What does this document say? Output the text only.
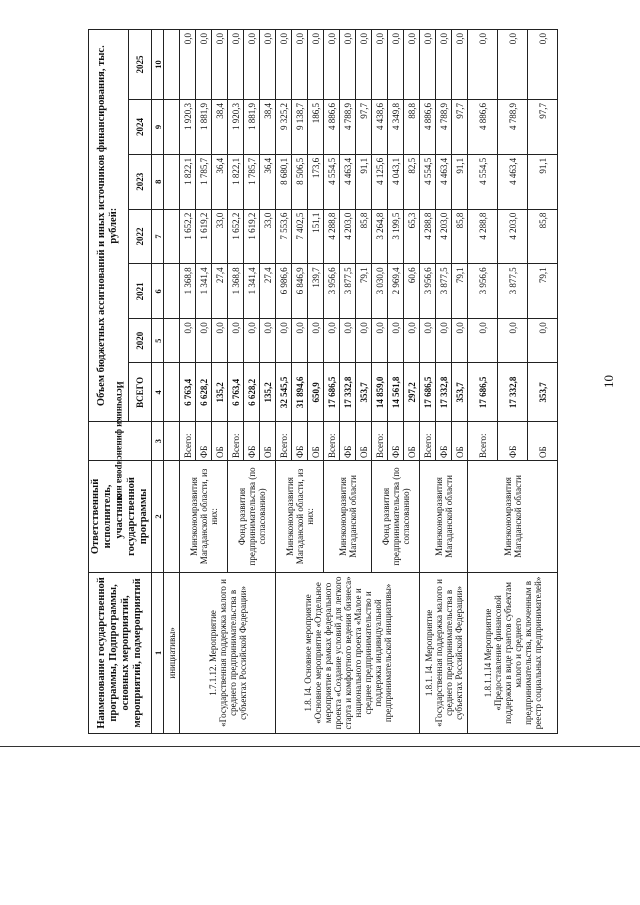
Наименование государственной программы, Подпрограммы, основных мероприятий, мероприятий, подмероприятий	Ответственный исполнитель, участник государственной программы	Источники финансирова ния	Объем бюджетных ассигнований и иных источников финансирования, тыс. рублей:						
			ВСЕГО	2020	2021	2022	2023	2024	2025
1	2	3	4	5	6	7	8	9	10
инициативы»									
1.7.1.12. Мероприятие «Государственная поддержка малого и среднего предпринимательства в субъектах Российской Федерации»	Минэкономразвития Магаданской области, из них:	Всего:	6 763,4	0,0	1 368,8	1 652,2	1 822,1	1 920,3	0,0
		ФБ	6 628,2	0,0	1 341,4	1 619,2	1 785,7	1 881,9	0,0
		ОБ	135,2	0,0	27,4	33,0	36,4	38,4	0,0
	Фонд развития предпринимательства (по согласованию)	Всего:	6 763,4	0,0	1 368,8	1 652,2	1 822,1	1 920,3	0,0
		ФБ	6 628,2	0,0	1 341,4	1 619,2	1 785,7	1 881,9	0,0
		ОБ	135,2	0,0	27,4	33,0	36,4	38,4	0,0
1.8. I4. Основное мероприятие «Основное мероприятие «Отдельное мероприятие в рамках федерального проекта «Создание условий для легкого старта и комфортного ведения бизнеса» национального проекта «Малое и среднее предпринимательство и поддержка индивидуальной предпринимательской инициативы»	Минэкономразвития Магаданской области, из них:	Всего:	32 545,5	0,0	6 986,6	7 553,6	8 680,1	9 325,2	0,0
		ФБ	31 894,6	0,0	6 846,9	7 402,5	8 506,5	9 138,7	0,0
		ОБ	650,9	0,0	139,7	151,1	173,6	186,5	0,0
	Минэкономразвития Магаданской области	Всего:	17 686,5	0,0	3 956,6	4 288,8	4 554,5	4 886,6	0,0
		ФБ	17 332,8	0,0	3 877,5	4 203,0	4 463,4	4 788,9	0,0
		ОБ	353,7	0,0	79,1	85,8	91,1	97,7	0,0
	Фонд развития предпринимательства (по согласованию)	Всего:	14 859,0	0,0	3 030,0	3 264,8	4 125,6	4 438,6	0,0
		ФБ	14 561,8	0,0	2 969,4	3 199,5	4 043,1	4 349,8	0,0
		ОБ	297,2	0,0	60,6	65,3	82,5	88,8	0,0
1.8.1. I4. Мероприятие «Государственная поддержка малого и среднего предпринимательства в субъектах Российской Федерации»	Минэкономразвития Магаданской области	Всего:	17 686,5	0,0	3 956,6	4 288,8	4 554,5	4 886,6	0,0
		ФБ	17 332,8	0,0	3 877,5	4 203,0	4 463,4	4 788,9	0,0
		ОБ	353,7	0,0	79,1	85,8	91,1	97,7	0,0
1.8.1.1.I4 Мероприятие «Предоставление финансовой поддержки в виде грантов субъектам малого и среднего предпринимательства, включенным в реестр социальных предпринимателей»	Минэкономразвития Магаданской области	Всего:	17 686,5	0,0	3 956,6	4 288,8	4 554,5	4 886,6	0,0
		ФБ	17 332,8	0,0	3 877,5	4 203,0	4 463,4	4 788,9	0,0
		ОБ	353,7	0,0	79,1	85,8	91,1	97,7	0,0
10
